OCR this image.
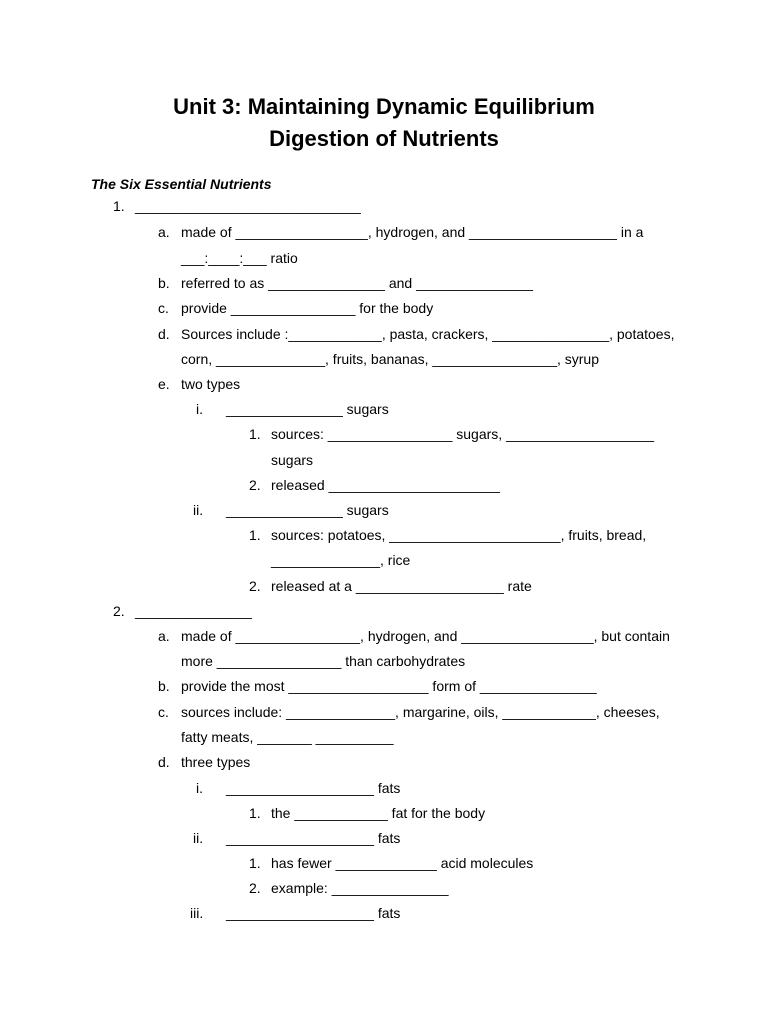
Unit 3: Maintaining Dynamic Equilibrium
Digestion of Nutrients
The Six Essential Nutrients
1. _____________________________
a. made of _________________, hydrogen, and ___________________ in a
___:____:___ ratio
b. referred to as _______________ and _______________
c. provide ________________ for the body
d. Sources include :____________, pasta, crackers, _______________, potatoes,
corn, ______________, fruits, bananas, ________________, syrup
e. two types
i. _______________ sugars
1. sources: ________________ sugars, ___________________
sugars
2. released ______________________
ii. _______________ sugars
1. sources: potatoes, ______________________, fruits, bread,
______________, rice
2. released at a ___________________ rate
2. _______________
a. made of ________________, hydrogen, and _________________, but contain
more ________________ than carbohydrates
b. provide the most __________________ form of _______________
c. sources include: ______________, margarine, oils, ____________, cheeses,
fatty meats, _______ __________
d. three types
i. ___________________ fats
1. the ____________ fat for the body
ii. ___________________ fats
1. has fewer _____________ acid molecules
2. example: _______________
iii. ___________________ fats
